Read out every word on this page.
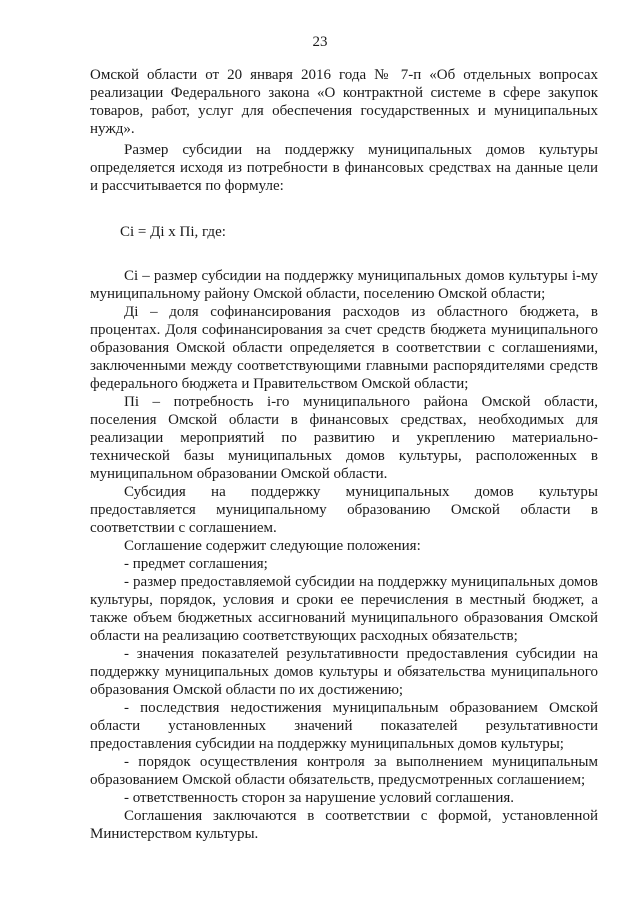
23

Омской области от 20 января 2016 года № 7-п «Об отдельных вопросах реализации Федерального закона «О контрактной системе в сфере закупок товаров, работ, услуг для обеспечения государственных и муниципальных нужд».

Размер субсидии на поддержку муниципальных домов культуры определяется исходя из потребности в финансовых средствах на данные цели и рассчитывается по формуле:

Сi = Дi х Пi, где:

Сi – размер субсидии на поддержку муниципальных домов культуры i-му муниципальному району Омской области, поселению Омской области;

Дi – доля софинансирования расходов из областного бюджета, в процентах. Доля софинансирования за счет средств бюджета муниципального образования Омской области определяется в соответствии с соглашениями, заключенными между соответствующими главными распорядителями средств федерального бюджета и Правительством Омской области;

Пi – потребность i-го муниципального района Омской области, поселения Омской области в финансовых средствах, необходимых для реализации мероприятий по развитию и укреплению материально-технической базы муниципальных домов культуры, расположенных в муниципальном образовании Омской области.

Субсидия на поддержку муниципальных домов культуры предоставляется муниципальному образованию Омской области в соответствии с соглашением.

Соглашение содержит следующие положения:

- предмет соглашения;

- размер предоставляемой субсидии на поддержку муниципальных домов культуры, порядок, условия и сроки ее перечисления в местный бюджет, а также объем бюджетных ассигнований муниципального образования Омской области на реализацию соответствующих расходных обязательств;

- значения показателей результативности предоставления субсидии на поддержку муниципальных домов культуры и обязательства муниципального образования Омской области по их достижению;

- последствия недостижения муниципальным образованием Омской области установленных значений показателей результативности предоставления субсидии на поддержку муниципальных домов культуры;

- порядок осуществления контроля за выполнением муниципальным образованием Омской области обязательств, предусмотренных соглашением;

- ответственность сторон за нарушение условий соглашения.

Соглашения заключаются в соответствии с формой, установленной Министерством культуры.
